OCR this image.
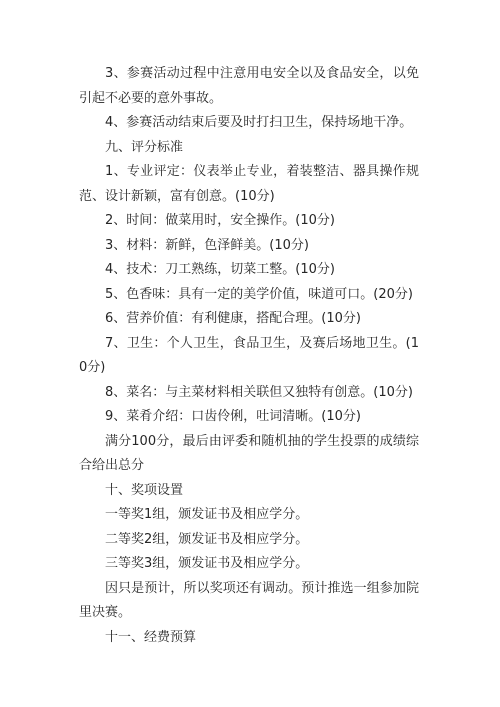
3、参赛活动过程中注意用电安全以及食品安全，以免引起不必要的意外事故。

4、参赛活动结束后要及时打扫卫生，保持场地干净。

九、评分标准

1、专业评定：仪表举止专业，着装整洁、器具操作规范、设计新颖，富有创意。(10分)

2、时间：做菜用时，安全操作。(10分)

3、材料：新鲜，色泽鲜美。(10分)

4、技术：刀工熟练，切菜工整。(10分)

5、色香味：具有一定的美学价值，味道可口。(20分)

6、营养价值：有利健康，搭配合理。(10分)

7、卫生：个人卫生，食品卫生，及赛后场地卫生。(10分)

8、菜名：与主菜材料相关联但又独特有创意。(10分)

9、菜肴介绍：口齿伶俐，吐词清晰。(10分)

满分100分，最后由评委和随机抽的学生投票的成绩综合给出总分

十、奖项设置

一等奖1组，颁发证书及相应学分。

二等奖2组，颁发证书及相应学分。

三等奖3组，颁发证书及相应学分。

因只是预计，所以奖项还有调动。预计推选一组参加院里决赛。

十一、经费预算
